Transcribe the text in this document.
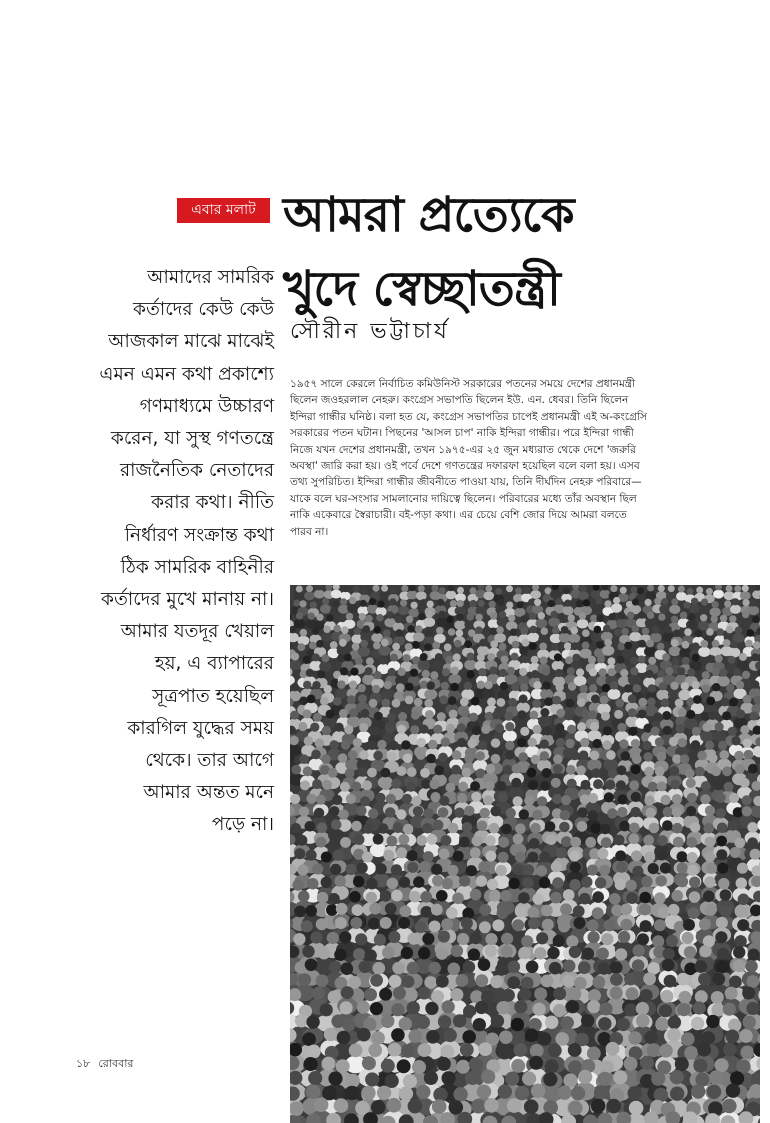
এবার মলাট আমরা প্রত্যেকে
খুদে স্বেচ্ছাতন্ত্রী
সৌরীন ভট্টাচার্য
আমাদের সামরিক
কর্তাদের কেউ কেউ
আজকাল মাঝে মাঝেই
এমন এমন কথা প্রকাশ্যে
গণমাধ্যমে উচ্চারণ
করেন, যা সুস্থ গণতন্ত্রে
রাজনৈতিক নেতাদের
করার কথা। নীতি
নির্ধারণ সংক্রান্ত কথা
ঠিক সামরিক বাহিনীর
কর্তাদের মুখে মানায় না।
আমার যতদূর খেয়াল
হয়, এ ব্যাপারের
সূত্রপাত হয়েছিল
কারগিল যুদ্ধের সময়
থেকে। তার আগে
আমার অন্তত মনে
পড়ে না।
১৯৫৭ সালে কেরলে নির্বাচিত কমিউনিস্ট সরকারের পতনের সময়ে দেশের প্রধানমন্ত্রী
ছিলেন জওহরলাল নেহরু। কংগ্রেস সভাপতি ছিলেন ইউ. এন. ধেবর। তিনি ছিলেন
ইন্দিরা গান্ধীর ঘনিষ্ঠ। বলা হত যে, কংগ্রেস সভাপতির চাপেই প্রধানমন্ত্রী এই অ-কংগ্রেসি
সরকারের পতন ঘটান। পিছনের 'আসল চাপ' নাকি ইন্দিরা গান্ধীর। পরে ইন্দিরা গান্ধী
নিজে যখন দেশের প্রধানমন্ত্রী, তখন ১৯৭৫-এর ২৫ জুন মধ্যরাত থেকে দেশে 'জরুরি
অবস্থা' জারি করা হয়। ওই পর্বে দেশে গণতন্ত্রের দফারফা হয়েছিল বলে বলা হয়। এসব
তথ্য সুপরিচিত। ইন্দিরা গান্ধীর জীবনীতে পাওয়া যায়, তিনি দীর্ঘদিন নেহরু পরিবারে—
যাকে বলে ঘর-সংসার সামলানোর দায়িত্বে ছিলেন। পরিবারের মধ্যে তাঁর অবস্থান ছিল
নাকি একেবারে স্বৈরাচারী। বই-পড়া কথা। এর চেয়ে বেশি জোর দিয়ে আমরা বলতে
পারব না।
১৮ রোববার
